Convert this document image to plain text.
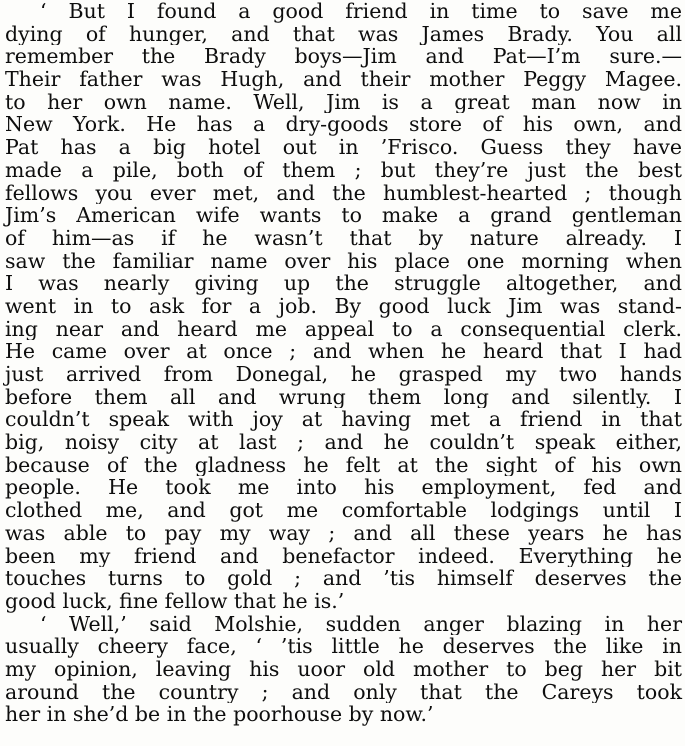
‘ But I found a good friend in time to save me
dying of hunger, and that was James Brady. You all
remember the Brady boys—Jim and Pat—I’m sure.—
Their father was Hugh, and their mother Peggy Magee.
to her own name. Well, Jim is a great man now in
New York. He has a dry-goods store of his own, and
Pat has a big hotel out in ’Frisco. Guess they have
made a pile, both of them ; but they’re just the best
fellows you ever met, and the humblest-hearted ; though
Jim’s American wife wants to make a grand gentleman
of him—as if he wasn’t that by nature already. I
saw the familiar name over his place one morning when
I was nearly giving up the struggle altogether, and
went in to ask for a job. By good luck Jim was stand-
ing near and heard me appeal to a consequential clerk.
He came over at once ; and when he heard that I had
just arrived from Donegal, he grasped my two hands
before them all and wrung them long and silently. I
couldn’t speak with joy at having met a friend in that
big, noisy city at last ; and he couldn’t speak either,
because of the gladness he felt at the sight of his own
people. He took me into his employment, fed and
clothed me, and got me comfortable lodgings until I
was able to pay my way ; and all these years he has
been my friend and benefactor indeed. Everything he
touches turns to gold ; and ’tis himself deserves the
good luck, fine fellow that he is.’
‘ Well,’ said Molshie, sudden anger blazing in her
usually cheery face, ‘ ’tis little he deserves the like in
my opinion, leaving his uoor old mother to beg her bit
around the country ; and only that the Careys took
her in she’d be in the poorhouse by now.’
